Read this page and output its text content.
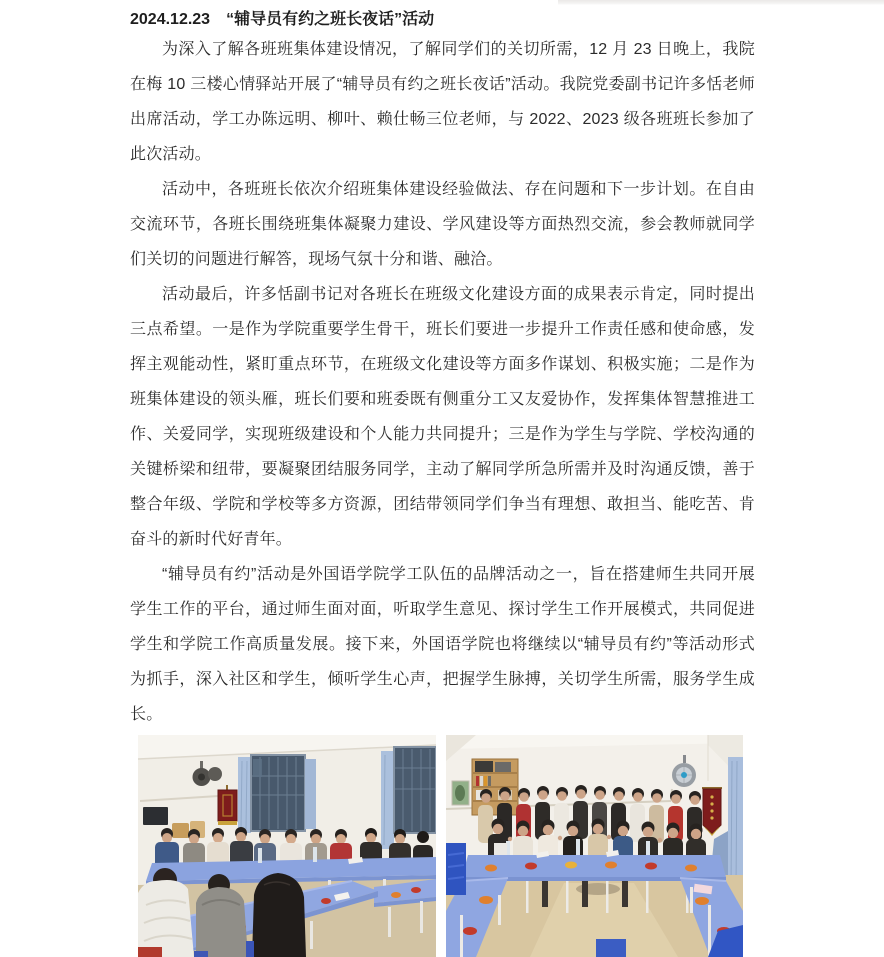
2024.12.23　“辅导员有约之班长夜话”活动

为深入了解各班班集体建设情况，了解同学们的关切所需，12 月 23 日晚上，我院在梅 10 三楼心情驿站开展了“辅导员有约之班长夜话”活动。我院党委副书记许多恬老师出席活动，学工办陈远明、柳叶、赖仕畅三位老师，与 2022、2023 级各班班长参加了此次活动。

活动中，各班班长依次介绍班集体建设经验做法、存在问题和下一步计划。在自由交流环节，各班长围绕班集体凝聚力建设、学风建设等方面热烈交流，参会教师就同学们关切的问题进行解答，现场气氛十分和谐、融洽。

活动最后，许多恬副书记对各班长在班级文化建设方面的成果表示肯定，同时提出三点希望。一是作为学院重要学生骨干，班长们要进一步提升工作责任感和使命感，发挥主观能动性，紧盯重点环节，在班级文化建设等方面多作谋划、积极实施；二是作为班集体建设的领头雁，班长们要和班委既有侧重分工又友爱协作，发挥集体智慧推进工作、关爱同学，实现班级建设和个人能力共同提升；三是作为学生与学院、学校沟通的关键桥梁和纽带，要凝聚团结服务同学，主动了解同学所急所需并及时沟通反馈，善于整合年级、学院和学校等多方资源，团结带领同学们争当有理想、敢担当、能吃苦、肯奋斗的新时代好青年。

“辅导员有约”活动是外国语学院学工队伍的品牌活动之一，旨在搭建师生共同开展学生工作的平台，通过师生面对面，听取学生意见、探讨学生工作开展模式，共同促进学生和学院工作高质量发展。接下来，外国语学院也将继续以“辅导员有约”等活动形式为抓手，深入社区和学生，倾听学生心声，把握学生脉搏，关切学生所需，服务学生成长。
